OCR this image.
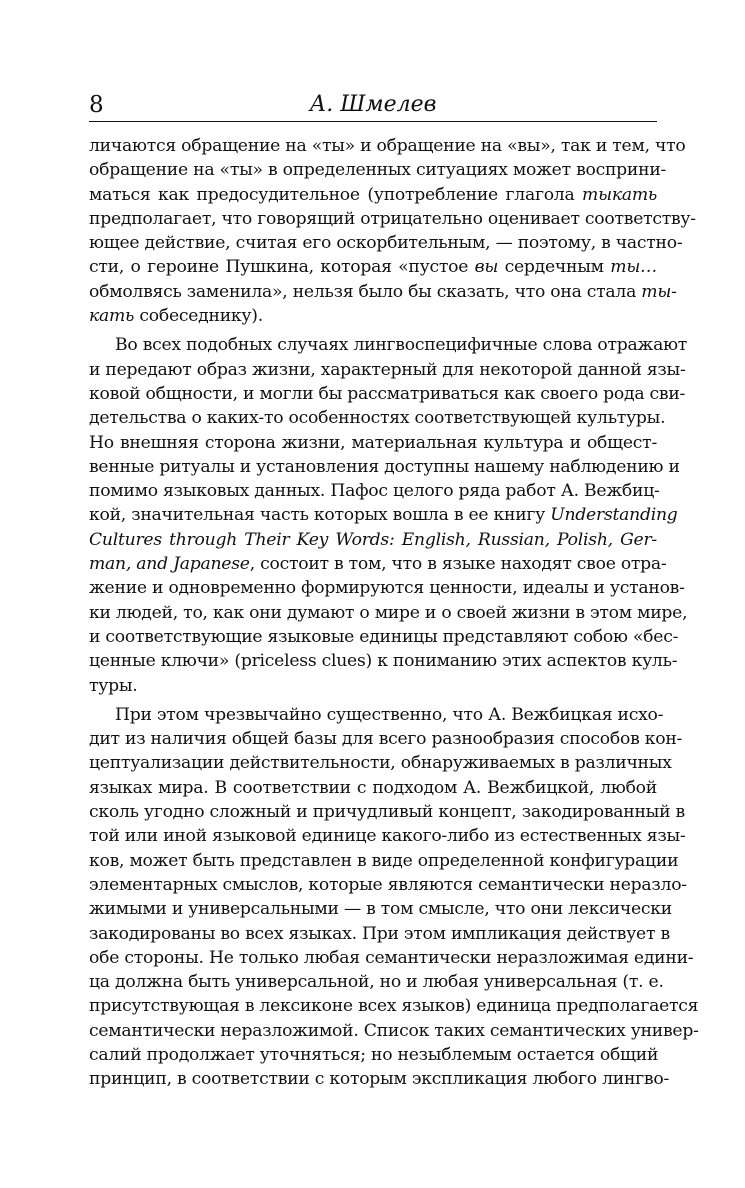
8	А. Шмелев
личаются обращение на «ты» и обращение на «вы», так и тем, что
обращение на «ты» в определенных ситуациях может восприни-
маться как предосудительное (употребление глагола тыкать
предполагает, что говорящий отрицательно оценивает соответству-
ющее действие, считая его оскорбительным, — поэтому, в частно-
сти, о героине Пушкина, которая «пустое вы сердечным ты…
обмолвясь заменила», нельзя было бы сказать, что она стала ты-
кать собеседнику).
Во всех подобных случаях лингвоспецифичные слова отражают
и передают образ жизни, характерный для некоторой данной язы-
ковой общности, и могли бы рассматриваться как своего рода сви-
детельства о каких-то особенностях соответствующей культуры.
Но внешняя сторона жизни, материальная культура и общест-
венные ритуалы и установления доступны нашему наблюдению и
помимо языковых данных. Пафос целого ряда работ А. Вежбиц-
кой, значительная часть которых вошла в ее книгу Understanding
Cultures through Their Key Words: English, Russian, Polish, Ger-
man, and Japanese, состоит в том, что в языке находят свое отра-
жение и одновременно формируются ценности, идеалы и установ-
ки людей, то, как они думают о мире и о своей жизни в этом мире,
и соответствующие языковые единицы представляют собою «бес-
ценные ключи» (priceless clues) к пониманию этих аспектов куль-
туры.
При этом чрезвычайно существенно, что А. Вежбицкая исхо-
дит из наличия общей базы для всего разнообразия способов кон-
цептуализации действительности, обнаруживаемых в различных
языках мира. В соответствии с подходом А. Вежбицкой, любой
сколь угодно сложный и причудливый концепт, закодированный в
той или иной языковой единице какого-либо из естественных язы-
ков, может быть представлен в виде определенной конфигурации
элементарных смыслов, которые являются семантически неразло-
жимыми и универсальными — в том смысле, что они лексически
закодированы во всех языках. При этом импликация действует в
обе стороны. Не только любая семантически неразложимая едини-
ца должна быть универсальной, но и любая универсальная (т. е.
присутствующая в лексиконе всех языков) единица предполагается
семантически неразложимой. Список таких семантических универ-
салий продолжает уточняться; но незыблемым остается общий
принцип, в соответствии с которым экспликация любого лингво-
